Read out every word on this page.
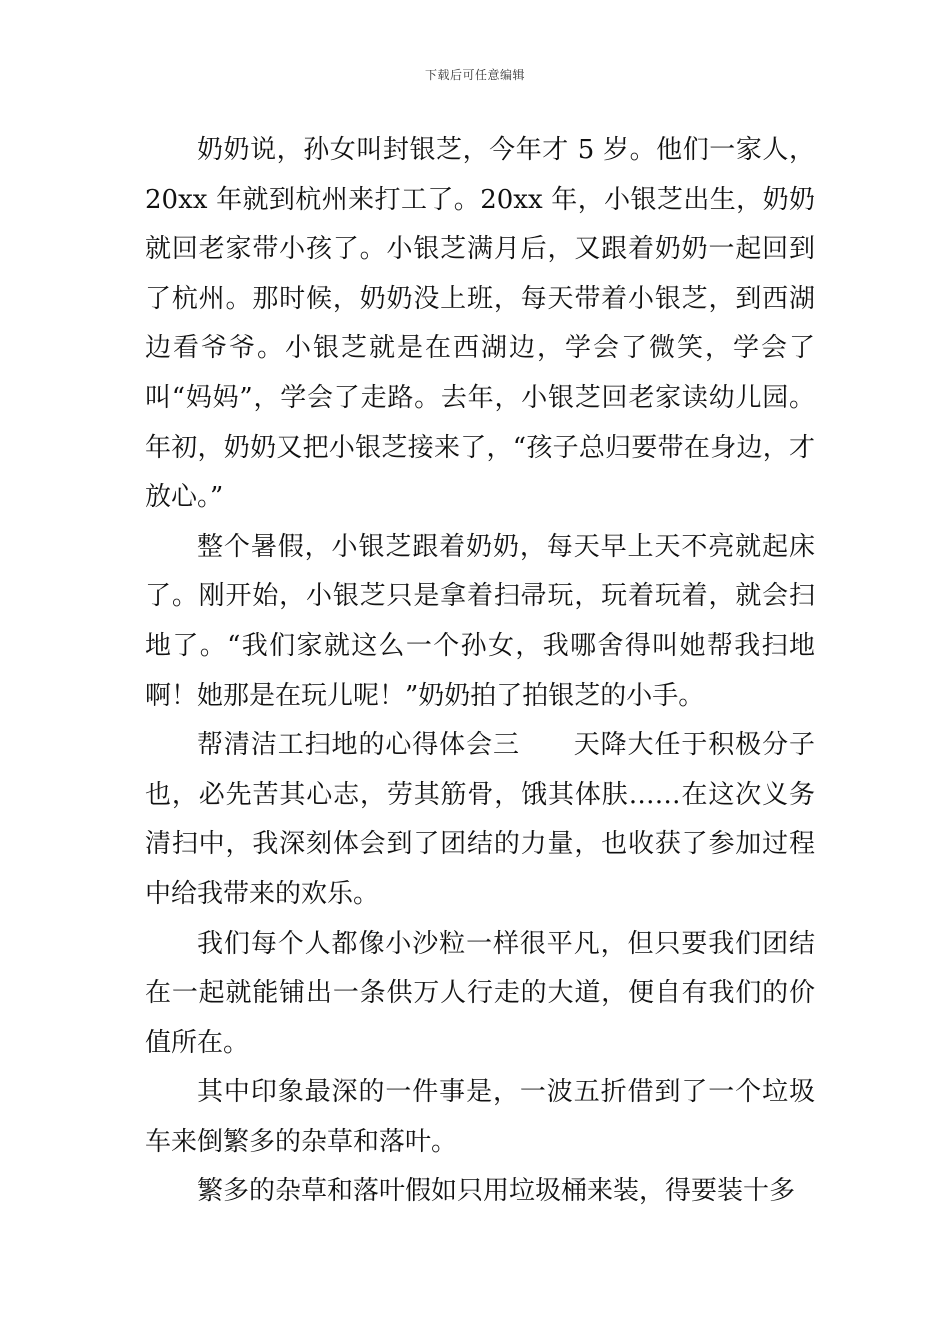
下载后可任意编辑

奶奶说，孙女叫封银芝，今年才 5 岁。他们一家人，20xx 年就到杭州来打工了。20xx 年，小银芝出生，奶奶就回老家带小孩了。小银芝满月后，又跟着奶奶一起回到了杭州。那时候，奶奶没上班，每天带着小银芝，到西湖边看爷爷。小银芝就是在西湖边，学会了微笑，学会了叫“妈妈”，学会了走路。去年，小银芝回老家读幼儿园。年初，奶奶又把小银芝接来了，“孩子总归要带在身边，才放心。”

整个暑假，小银芝跟着奶奶，每天早上天不亮就起床了。刚开始，小银芝只是拿着扫帚玩，玩着玩着，就会扫地了。“我们家就这么一个孙女，我哪舍得叫她帮我扫地啊！她那是在玩儿呢！”奶奶拍了拍银芝的小手。

帮清洁工扫地的心得体会三　　天降大任于积极分子也，必先苦其心志，劳其筋骨，饿其体肤……在这次义务清扫中，我深刻体会到了团结的力量，也收获了参加过程中给我带来的欢乐。

我们每个人都像小沙粒一样很平凡，但只要我们团结在一起就能铺出一条供万人行走的大道，便自有我们的价值所在。

其中印象最深的一件事是，一波五折借到了一个垃圾车来倒繁多的杂草和落叶。

繁多的杂草和落叶假如只用垃圾桶来装，得要装十多
